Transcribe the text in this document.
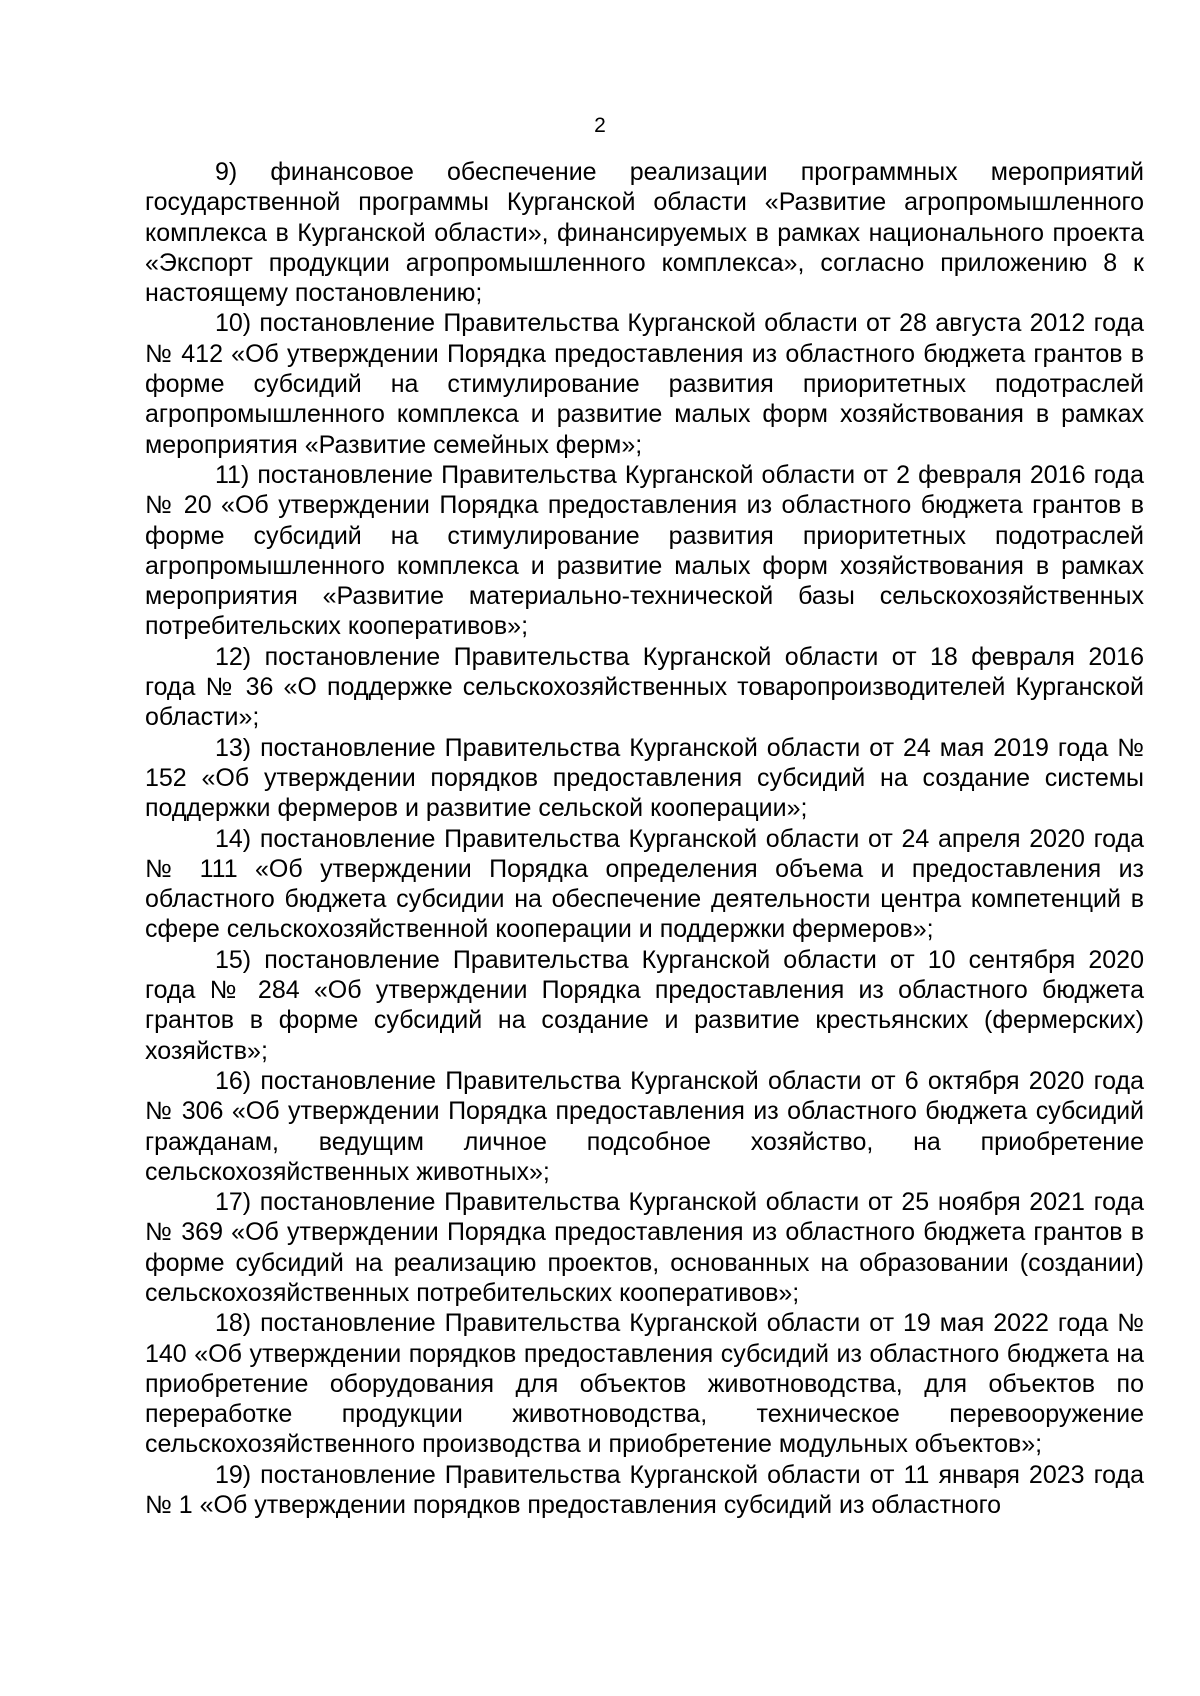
2

9) финансовое обеспечение реализации программных мероприятий государственной программы Курганской области «Развитие агропромышленного комплекса в Курганской области», финансируемых в рамках национального проекта «Экспорт продукции агропромышленного комплекса», согласно приложению 8 к настоящему постановлению;

10) постановление Правительства Курганской области от 28 августа 2012 года № 412 «Об утверждении Порядка предоставления из областного бюджета грантов в форме субсидий на стимулирование развития приоритетных подотраслей агропромышленного комплекса и развитие малых форм хозяйствования в рамках мероприятия «Развитие семейных ферм»;

11) постановление Правительства Курганской области от 2 февраля 2016 года № 20 «Об утверждении Порядка предоставления из областного бюджета грантов в форме субсидий на стимулирование развития приоритетных подотраслей агропромышленного комплекса и развитие малых форм хозяйствования в рамках мероприятия «Развитие материально-технической базы сельскохозяйственных потребительских кооперативов»;

12) постановление Правительства Курганской области от 18 февраля 2016 года № 36 «О поддержке сельскохозяйственных товаропроизводителей Курганской области»;

13) постановление Правительства Курганской области от 24 мая 2019 года № 152 «Об утверждении порядков предоставления субсидий на создание системы поддержки фермеров и развитие сельской кооперации»;

14) постановление Правительства Курганской области от 24 апреля 2020 года № 111 «Об утверждении Порядка определения объема и предоставления из областного бюджета субсидии на обеспечение деятельности центра компетенций в сфере сельскохозяйственной кооперации и поддержки фермеров»;

15) постановление Правительства Курганской области от 10 сентября 2020 года № 284 «Об утверждении Порядка предоставления из областного бюджета грантов в форме субсидий на создание и развитие крестьянских (фермерских) хозяйств»;

16) постановление Правительства Курганской области от 6 октября 2020 года № 306 «Об утверждении Порядка предоставления из областного бюджета субсидий гражданам, ведущим личное подсобное хозяйство, на приобретение сельскохозяйственных животных»;

17) постановление Правительства Курганской области от 25 ноября 2021 года № 369 «Об утверждении Порядка предоставления из областного бюджета грантов в форме субсидий на реализацию проектов, основанных на образовании (создании) сельскохозяйственных потребительских кооперативов»;

18) постановление Правительства Курганской области от 19 мая 2022 года № 140 «Об утверждении порядков предоставления субсидий из областного бюджета на приобретение оборудования для объектов животноводства, для объектов по переработке продукции животноводства, техническое перевооружение сельскохозяйственного производства и приобретение модульных объектов»;

19) постановление Правительства Курганской области от 11 января 2023 года № 1 «Об утверждении порядков предоставления субсидий из областного
